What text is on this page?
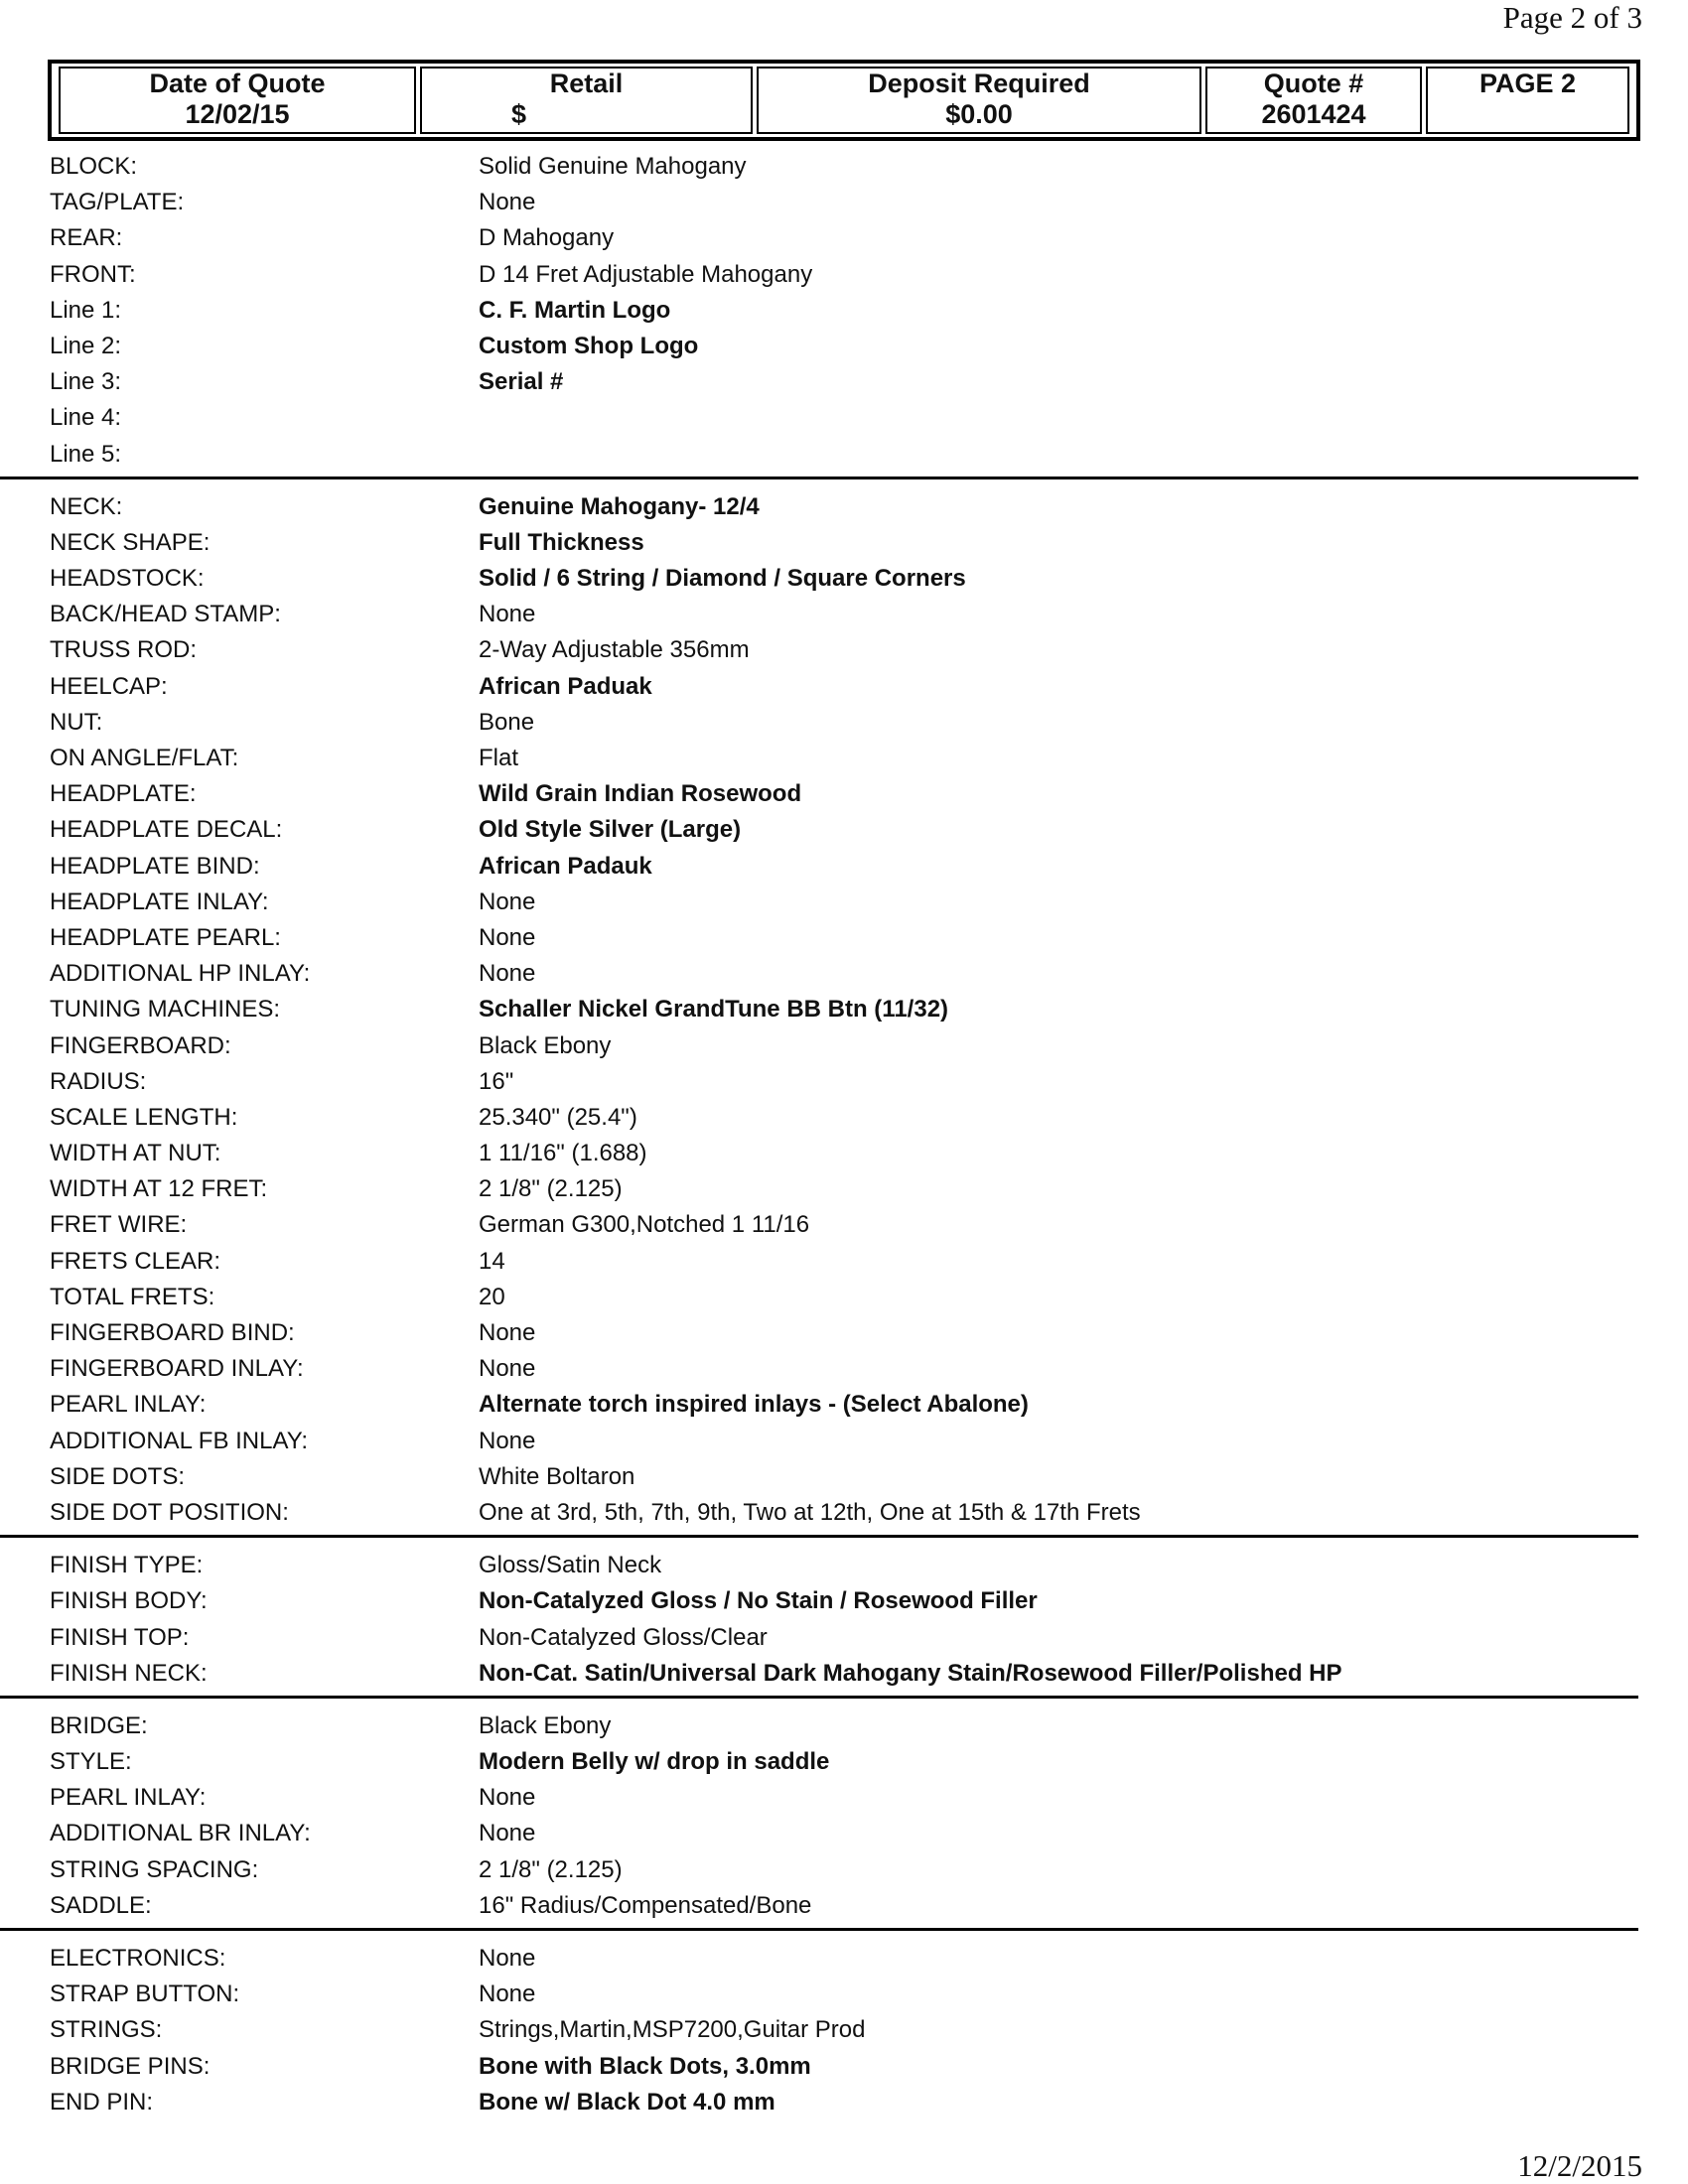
Page 2 of 3
Date of Quote
12/02/15

Retail
$

Deposit Required
$0.00

Quote #
2601424

PAGE 2
BLOCK:	Solid Genuine Mahogany
TAG/PLATE:	None
REAR:	D Mahogany
FRONT:	D 14 Fret Adjustable Mahogany
Line 1:	C. F. Martin Logo
Line 2:	Custom Shop Logo
Line 3:	Serial #
Line 4:
Line 5:
NECK:	Genuine Mahogany- 12/4
NECK SHAPE:	Full Thickness
HEADSTOCK:	Solid / 6 String / Diamond / Square Corners
BACK/HEAD STAMP:	None
TRUSS ROD:	2-Way Adjustable 356mm
HEELCAP:	African Paduak
NUT:	Bone
ON ANGLE/FLAT:	Flat
HEADPLATE:	Wild Grain Indian Rosewood
HEADPLATE DECAL:	Old Style Silver (Large)
HEADPLATE BIND:	African Padauk
HEADPLATE INLAY:	None
HEADPLATE PEARL:	None
ADDITIONAL HP INLAY:	None
TUNING MACHINES:	Schaller Nickel GrandTune BB Btn (11/32)
FINGERBOARD:	Black Ebony
RADIUS:	16"
SCALE LENGTH:	25.340" (25.4")
WIDTH AT NUT:	1 11/16" (1.688)
WIDTH AT 12 FRET:	2 1/8" (2.125)
FRET WIRE:	German G300,Notched 1 11/16
FRETS CLEAR:	14
TOTAL FRETS:	20
FINGERBOARD BIND:	None
FINGERBOARD INLAY:	None
PEARL INLAY:	Alternate torch inspired inlays - (Select Abalone)
ADDITIONAL FB INLAY:	None
SIDE DOTS:	White Boltaron
SIDE DOT POSITION:	One at 3rd, 5th, 7th, 9th, Two at 12th, One at 15th & 17th Frets
FINISH TYPE:	Gloss/Satin Neck
FINISH BODY:	Non-Catalyzed Gloss / No Stain / Rosewood Filler
FINISH TOP:	Non-Catalyzed Gloss/Clear
FINISH NECK:	Non-Cat. Satin/Universal Dark Mahogany Stain/Rosewood Filler/Polished HP
BRIDGE:	Black Ebony
STYLE:	Modern Belly w/ drop in saddle
PEARL INLAY:	None
ADDITIONAL BR INLAY:	None
STRING SPACING:	2 1/8" (2.125)
SADDLE:	16" Radius/Compensated/Bone
ELECTRONICS:	None
STRAP BUTTON:	None
STRINGS:	Strings,Martin,MSP7200,Guitar Prod
BRIDGE PINS:	Bone with Black Dots, 3.0mm
END PIN:	Bone w/ Black Dot 4.0 mm
12/2/2015
